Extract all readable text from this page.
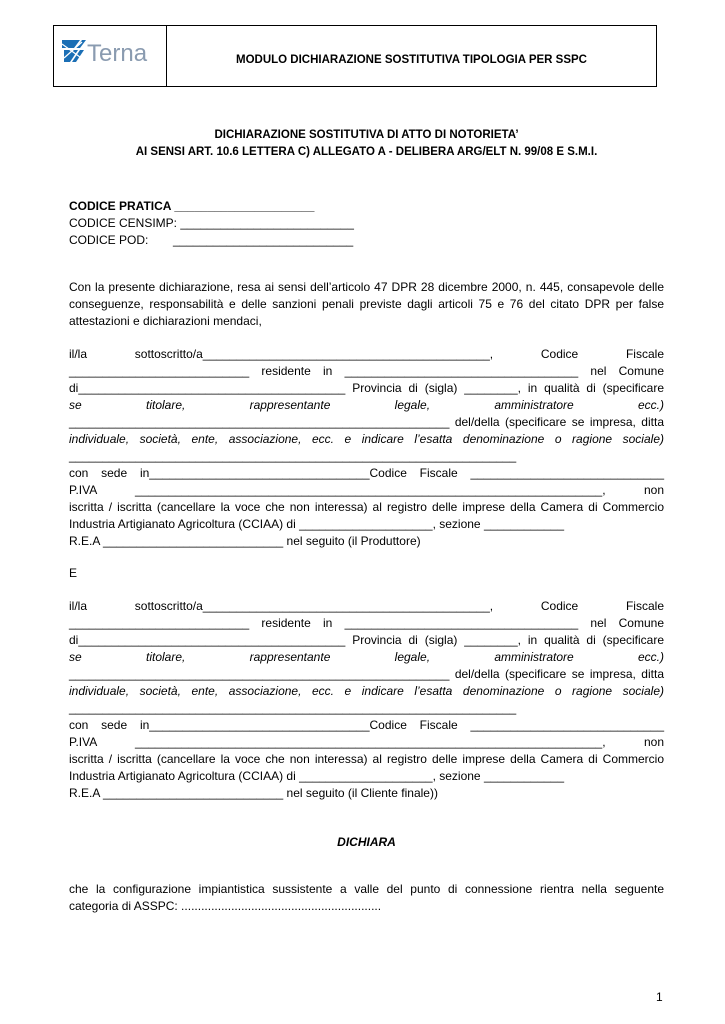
Terna	MODULO DICHIARAZIONE SOSTITUTIVA TIPOLOGIA PER SSPC
DICHIARAZIONE SOSTITUTIVA DI ATTO DI NOTORIETA’
AI SENSI ART. 10.6 LETTERA C) ALLEGATO A - DELIBERA ARG/ELT N. 99/08 E S.M.I.
CODICE PRATICA _____________________
CODICE CENSIMP: __________________________
CODICE POD: ___________________________

Con la presente dichiarazione, resa ai sensi dell’articolo 47 DPR 28 dicembre 2000, n. 445, consapevole delle

conseguenze, responsabilità e delle sanzioni penali previste dagli articoli 75 e 76 del citato DPR per false

attestazioni e dichiarazioni mendaci,

il/la sottoscritto/a___________________________________________, Codice Fiscale

___________________________ residente in ___________________________________ nel Comune

di________________________________________ Provincia di (sigla) ________, in qualità di (specificare

se titolare, rappresentante legale, amministratore ecc.)

_________________________________________________________ del/della (specificare se impresa, ditta

individuale, società, ente, associazione, ecc. e indicare l’esatta denominazione o ragione sociale)

___________________________________________________________________

con sede in_________________________________Codice Fiscale _____________________________

P.IVA ______________________________________________________________________, non

iscritta / iscritta (cancellare la voce che non interessa) al registro delle imprese della Camera di Commercio

Industria Artigianato Agricoltura (CCIAA) di ____________________, sezione ____________

R.E.A ___________________________ nel seguito (il Produttore)

E

il/la sottoscritto/a___________________________________________, Codice Fiscale

___________________________ residente in ___________________________________ nel Comune

di________________________________________ Provincia di (sigla) ________, in qualità di (specificare

se titolare, rappresentante legale, amministratore ecc.)

_________________________________________________________ del/della (specificare se impresa, ditta

individuale, società, ente, associazione, ecc. e indicare l’esatta denominazione o ragione sociale)

___________________________________________________________________

con sede in_________________________________Codice Fiscale _____________________________

P.IVA ______________________________________________________________________, non

iscritta / iscritta (cancellare la voce che non interessa) al registro delle imprese della Camera di Commercio

Industria Artigianato Agricoltura (CCIAA) di ____________________, sezione ____________

R.E.A ___________________________ nel seguito (il Cliente finale))

DICHIARA

che la configurazione impiantistica sussistente a valle del punto di connessione rientra nella seguente

categoria di ASSPC: ............................................................

1
